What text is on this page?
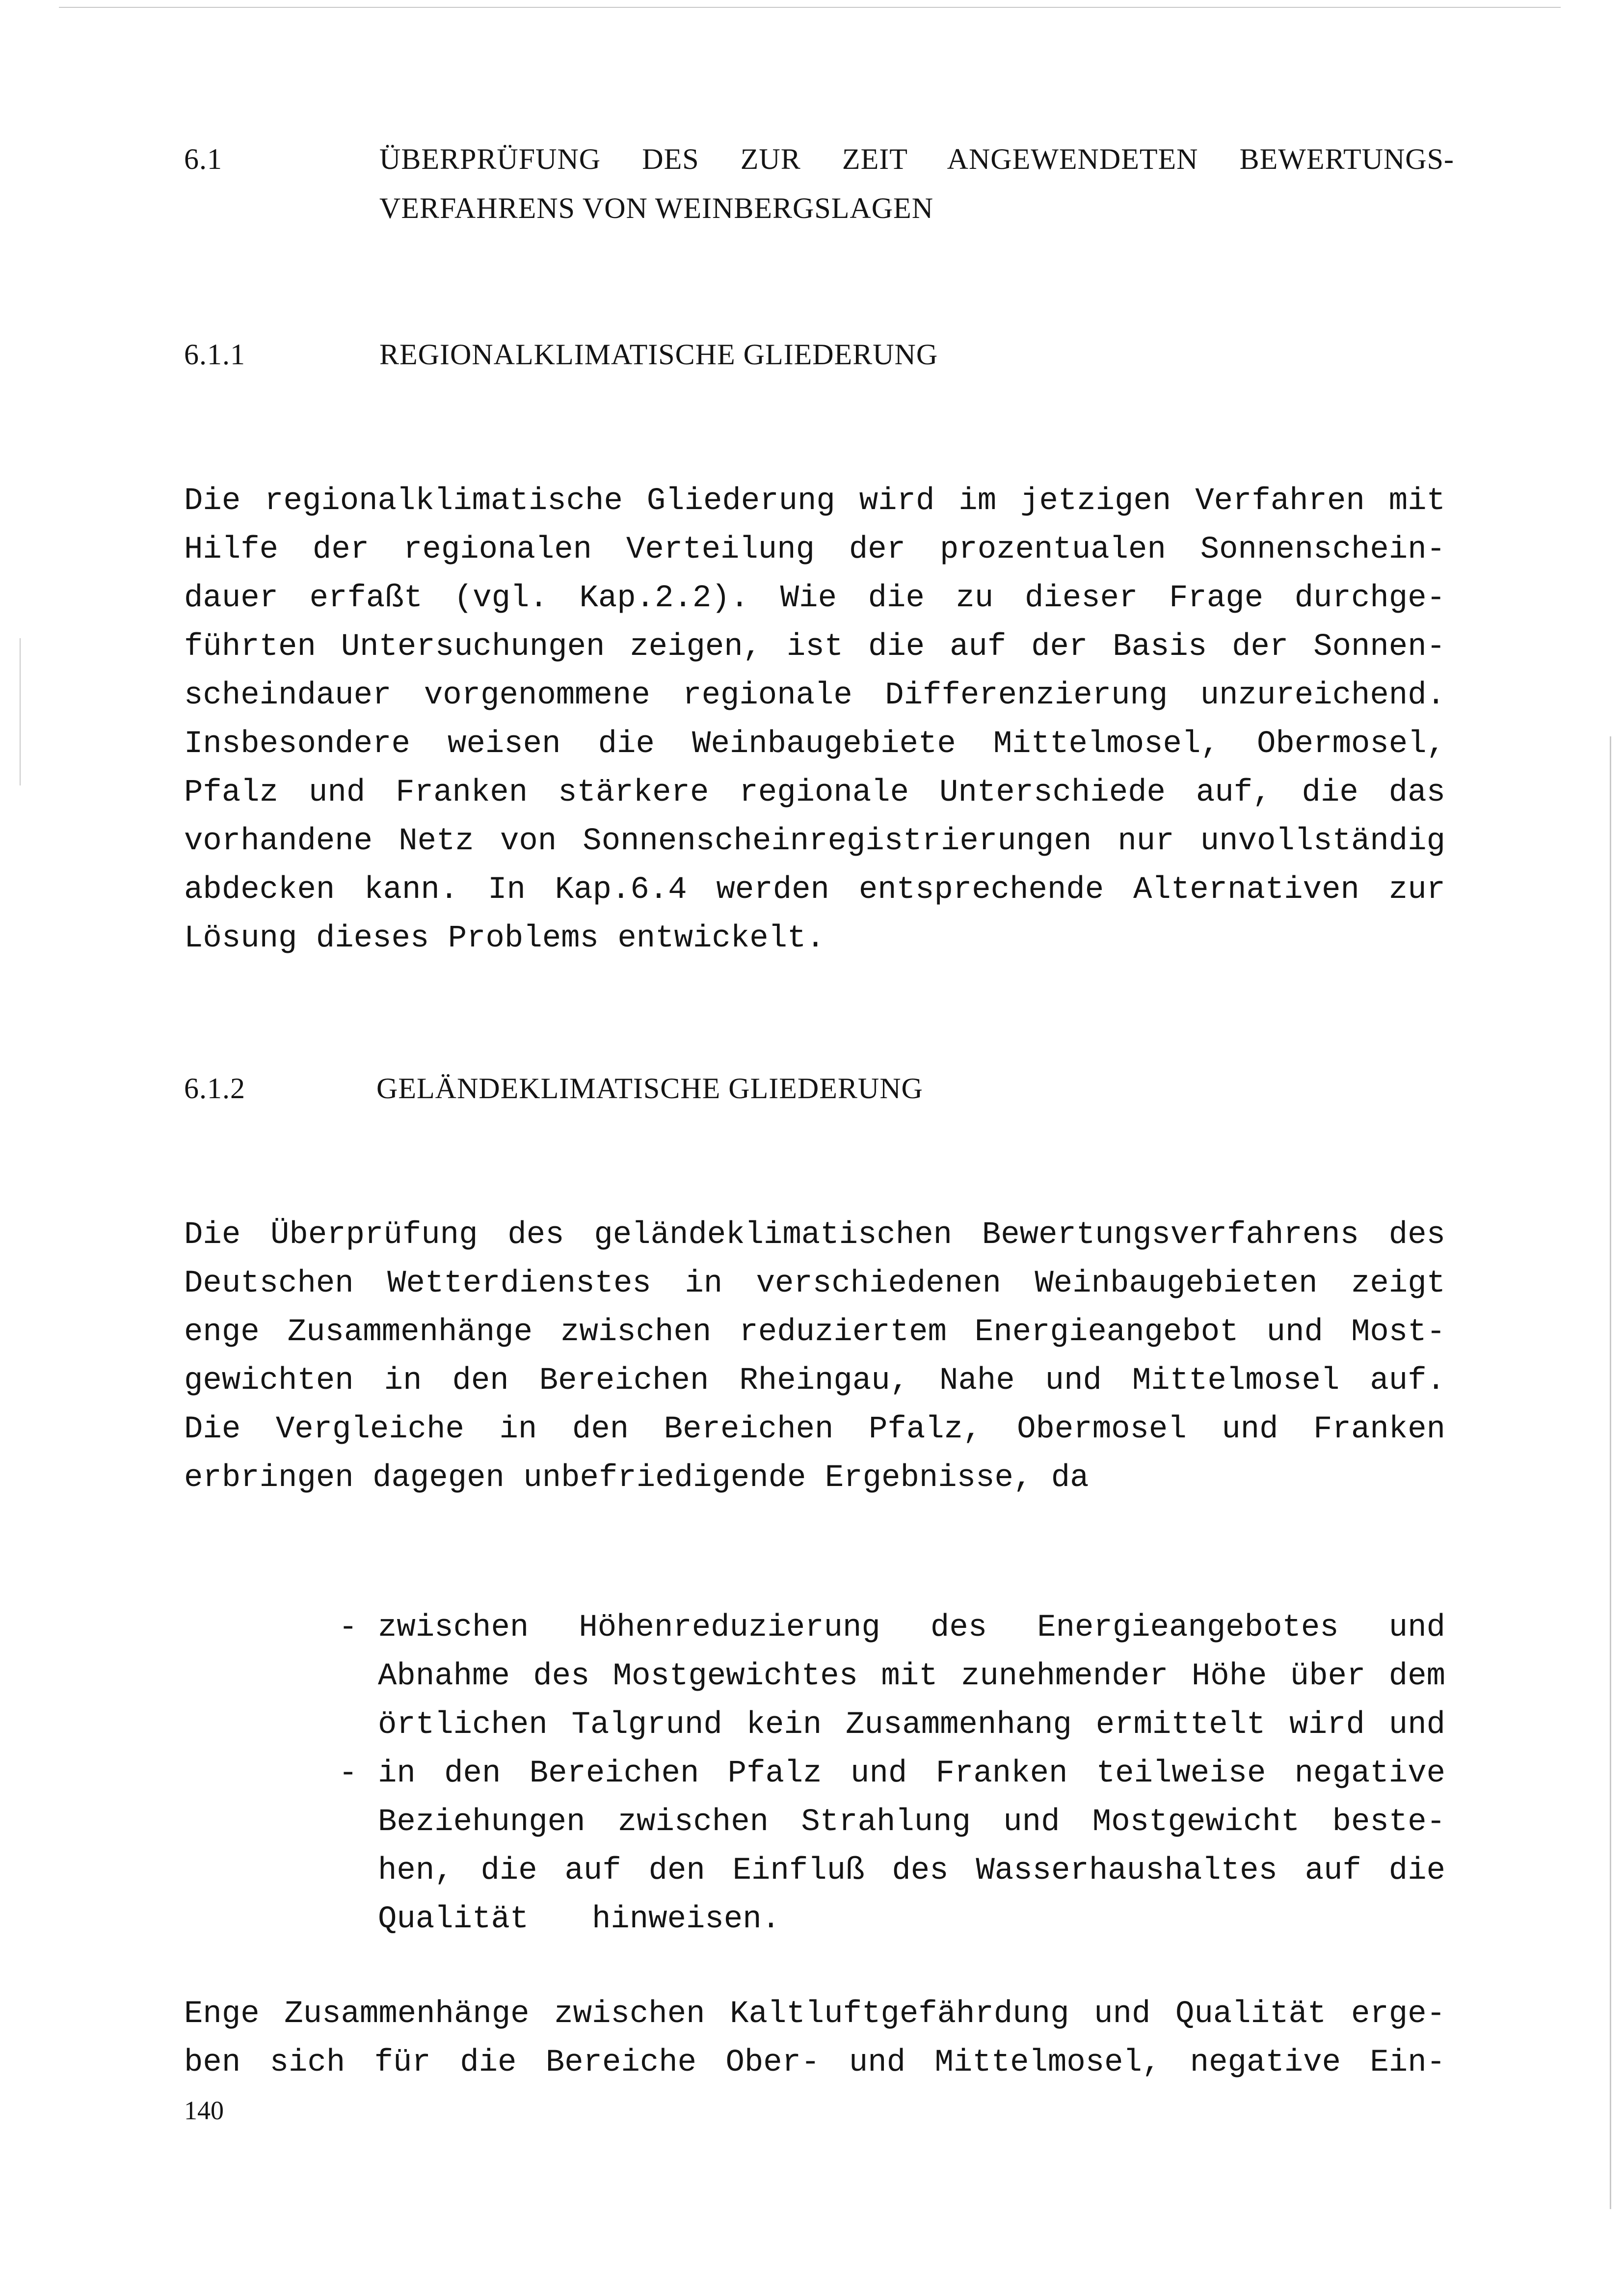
6.1	ÜBERPRÜFUNG DES ZUR ZEIT ANGEWENDETEN BEWERTUNGS-
VERFAHRENS VON WEINBERGSLAGEN
6.1.1	REGIONALKLIMATISCHE GLIEDERUNG
Die regionalklimatische Gliederung wird im jetzigen Verfahren mit
Hilfe der regionalen Verteilung der prozentualen Sonnenschein-
dauer erfaßt (vgl. Kap.2.2). Wie die zu dieser Frage durchge-
führten Untersuchungen zeigen, ist die auf der Basis der Sonnen-
scheindauer vorgenommene regionale Differenzierung unzureichend.
Insbesondere weisen die Weinbaugebiete Mittelmosel, Obermosel,
Pfalz und Franken stärkere regionale Unterschiede auf, die das
vorhandene Netz von Sonnenscheinregistrierungen nur unvollständig
abdecken kann. In Kap.6.4 werden entsprechende Alternativen zur
Lösung dieses Problems entwickelt.
6.1.2	GELÄNDEKLIMATISCHE GLIEDERUNG
Die Überprüfung des geländeklimatischen Bewertungsverfahrens des
Deutschen Wetterdienstes in verschiedenen Weinbaugebieten zeigt
enge Zusammenhänge zwischen reduziertem Energieangebot und Most-
gewichten in den Bereichen Rheingau, Nahe und Mittelmosel auf.
Die Vergleiche in den Bereichen Pfalz, Obermosel und Franken
erbringen dagegen unbefriedigende Ergebnisse, da
- zwischen Höhenreduzierung des Energieangebotes und
Abnahme des Mostgewichtes mit zunehmender Höhe über dem
örtlichen Talgrund kein Zusammenhang ermittelt wird und
- in den Bereichen Pfalz und Franken teilweise negative
Beziehungen zwischen Strahlung und Mostgewicht beste-
hen, die auf den Einfluß des Wasserhaushaltes auf die
Qualität hinweisen.
Enge Zusammenhänge zwischen Kaltluftgefährdung und Qualität erge-
ben sich für die Bereiche Ober- und Mittelmosel, negative Ein-
140
